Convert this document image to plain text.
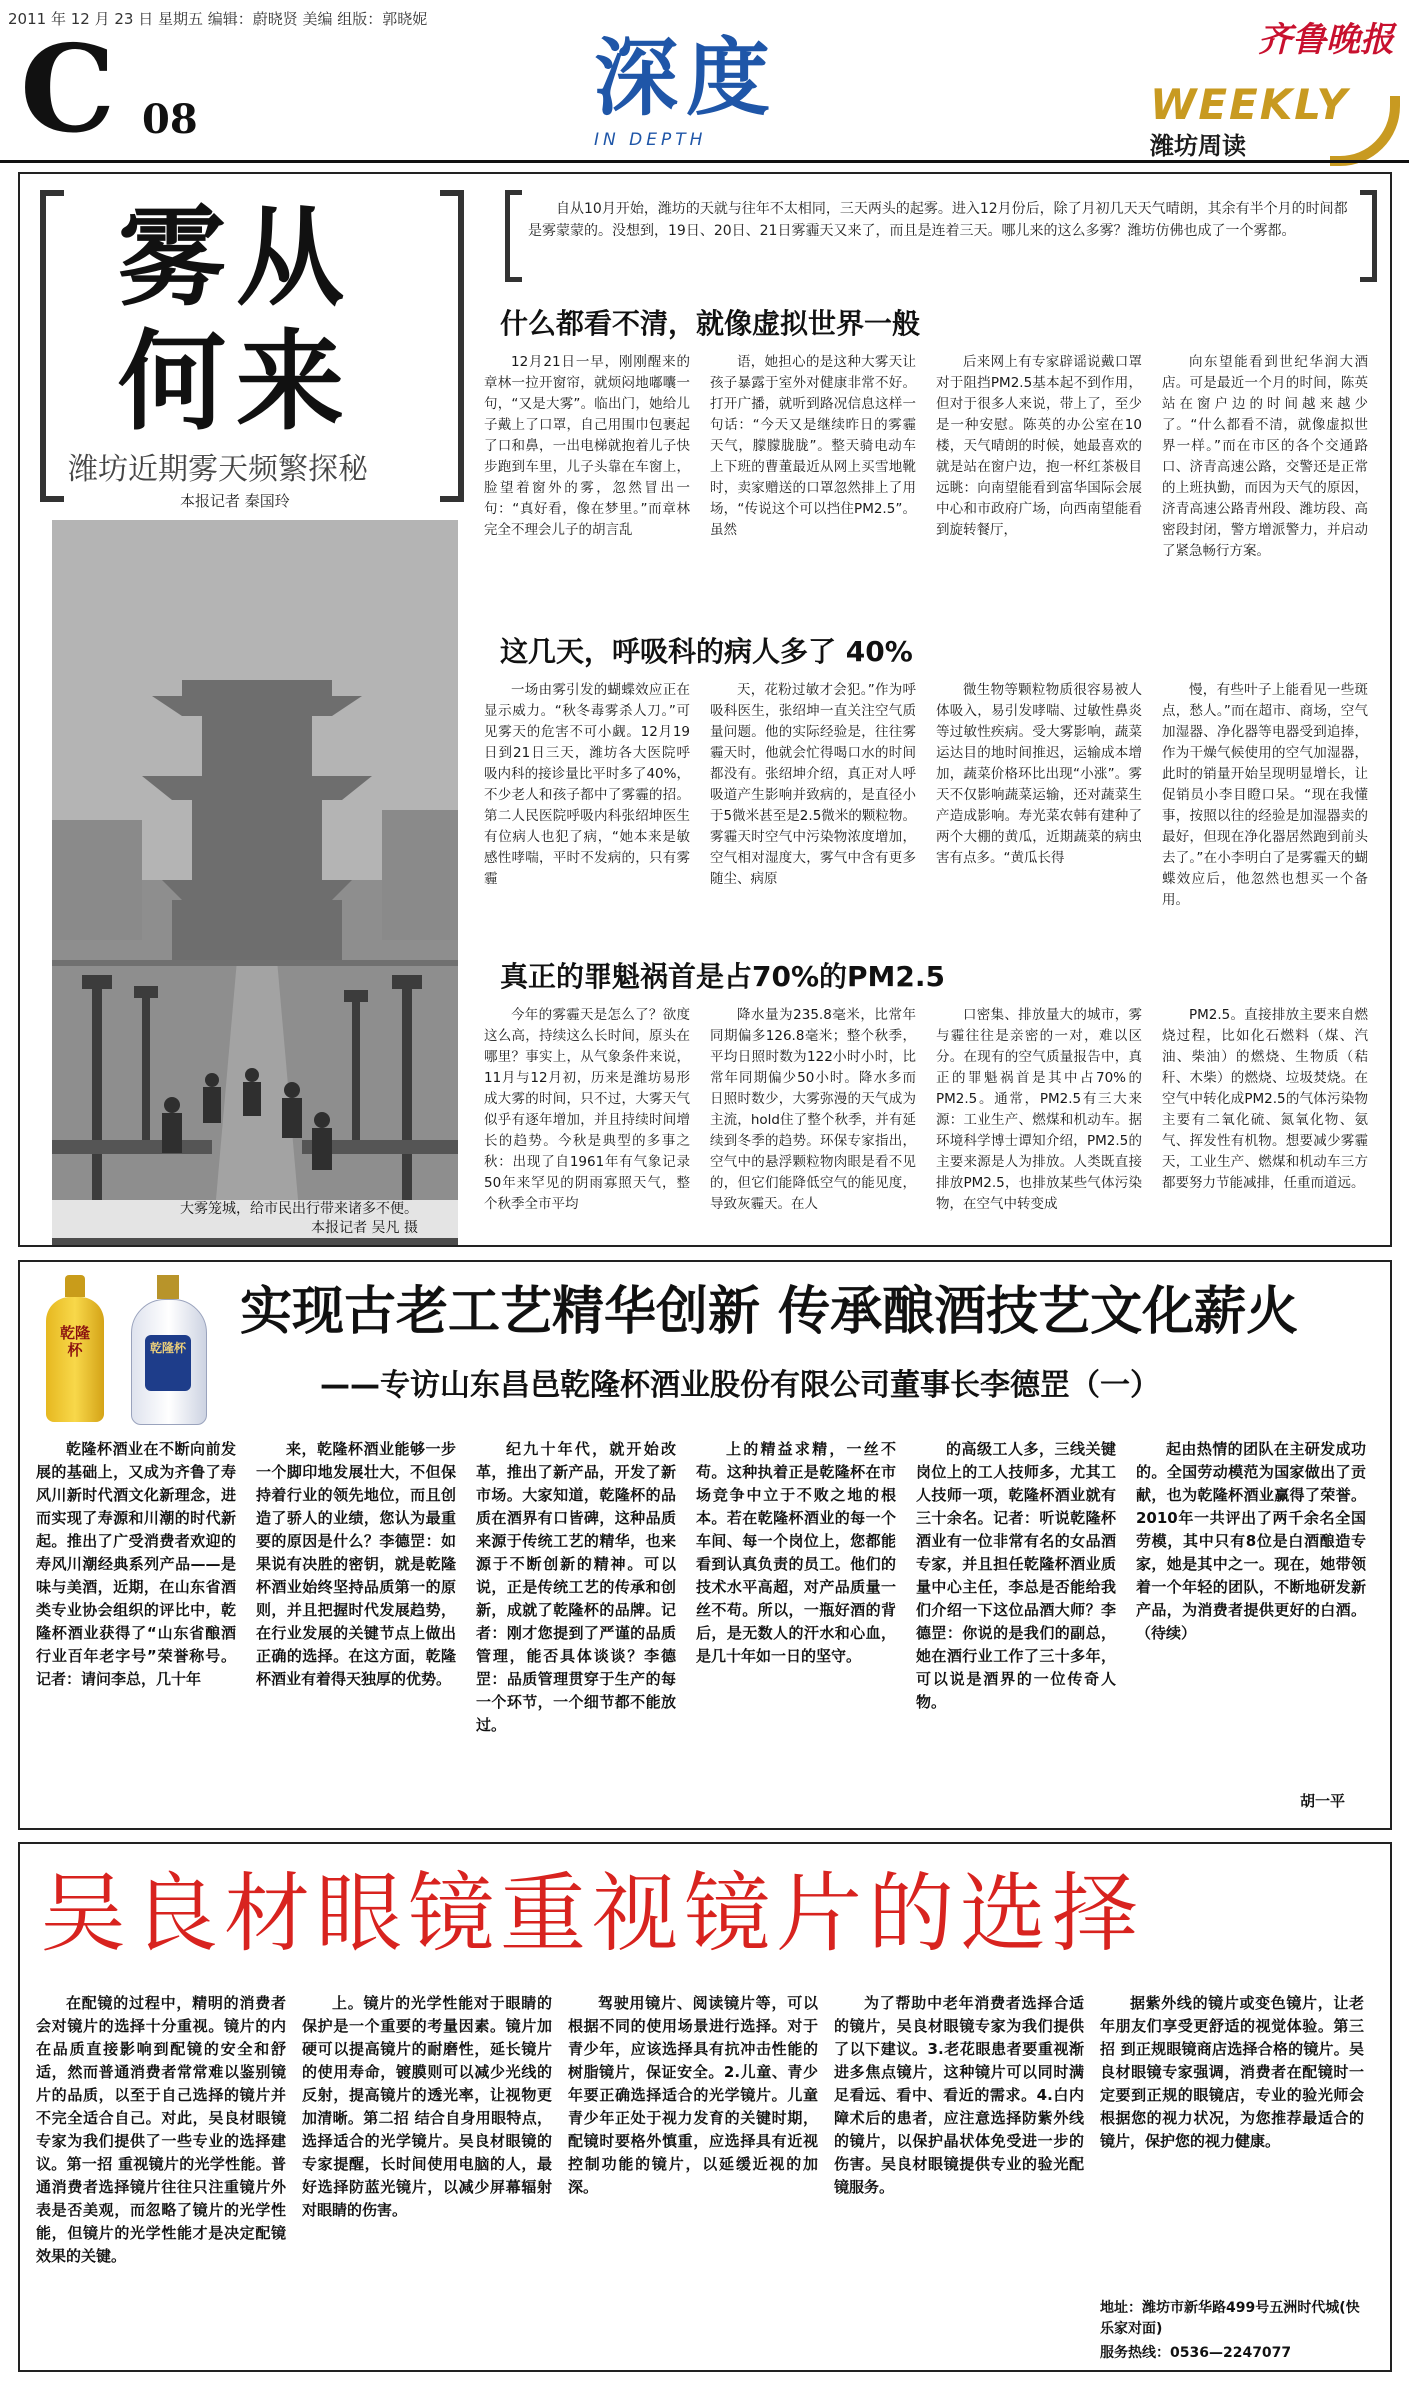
2011 年 12 月 23 日 星期五 编辑：蔚晓贤 美编 组版：郭晓妮
C 08	深度
IN DEPTH
齐鲁晚报
WEEKLY
潍坊周读
雾从
何来
潍坊近期雾天频繁探秘
本报记者 秦国玲
大雾笼城，给市民出行带来诸多不便。
本报记者 吴凡 摄
自从10月开始，潍坊的天就与往年不太相同，三天两头的起雾。进入12月份后，除了月初几天天气晴朗，其余有半个月的时间都是雾蒙蒙的。没想到，19日、20日、21日雾霾天又来了，而且是连着三天。哪儿来的这么多雾？潍坊仿佛也成了一个雾都。
什么都看不清，就像虚拟世界一般
12月21日一早，刚刚醒来的章林一拉开窗帘，就烦闷地嘟囔一句，“又是大雾”。临出门，她给儿子戴上了口罩，自己用围巾包裹起了口和鼻，一出电梯就抱着儿子快步跑到车里，儿子头靠在车窗上，脸望着窗外的雾，忽然冒出一句：“真好看，像在梦里。”而章林完全不理会儿子的胡言乱
语，她担心的是这种大雾天让孩子暴露于室外对健康非常不好。打开广播，就听到路况信息这样一句话：“今天又是继续昨日的雾霾天气，朦朦胧胧”。整天骑电动车上下班的曹董最近从网上买雪地靴时，卖家赠送的口罩忽然排上了用场，“传说这个可以挡住PM2.5”。虽然
后来网上有专家辟谣说戴口罩对于阻挡PM2.5基本起不到作用，但对于很多人来说，带上了，至少是一种安慰。陈英的办公室在10楼，天气晴朗的时候，她最喜欢的就是站在窗户边，抱一杯红茶极目远眺：向南望能看到富华国际会展中心和市政府广场，向西南望能看到旋转餐厅，
向东望能看到世纪华润大酒店。可是最近一个月的时间，陈英站在窗户边的时间越来越少了。“什么都看不清，就像虚拟世界一样。”而在市区的各个交通路口、济青高速公路，交警还是正常的上班执勤，而因为天气的原因，济青高速公路青州段、潍坊段、高密段封闭，警方增派警力，并启动了紧急畅行方案。
这几天，呼吸科的病人多了 40%
一场由雾引发的蝴蝶效应正在显示威力。“秋冬毒雾杀人刀。”可见雾天的危害不可小觑。12月19日到21日三天，潍坊各大医院呼吸内科的接诊量比平时多了40%，不少老人和孩子都中了雾霾的招。第二人民医院呼吸内科张绍坤医生有位病人也犯了病，“她本来是敏感性哮喘，平时不发病的，只有雾霾
天，花粉过敏才会犯。”作为呼吸科医生，张绍坤一直关注空气质量问题。他的实际经验是，往往雾霾天时，他就会忙得喝口水的时间都没有。张绍坤介绍，真正对人呼吸道产生影响并致病的，是直径小于5微米甚至是2.5微米的颗粒物。雾霾天时空气中污染物浓度增加，空气相对湿度大，雾气中含有更多随尘、病原
微生物等颗粒物质很容易被人体吸入，易引发哮喘、过敏性鼻炎等过敏性疾病。受大雾影响，蔬菜运达目的地时间推迟，运输成本增加，蔬菜价格环比出现“小涨”。雾天不仅影响蔬菜运输，还对蔬菜生产造成影响。寿光菜农韩有建种了两个大棚的黄瓜，近期蔬菜的病虫害有点多。“黄瓜长得
慢，有些叶子上能看见一些斑点，愁人。”而在超市、商场，空气加湿器、净化器等电器受到追捧，作为干燥气候使用的空气加湿器，此时的销量开始呈现明显增长，让促销员小李目瞪口呆。“现在我懂事，按照以往的经验是加湿器卖的最好，但现在净化器居然跑到前头去了。”在小李明白了是雾霾天的蝴蝶效应后，他忽然也想买一个备用。
真正的罪魁祸首是占70%的PM2.5
今年的雾霾天是怎么了？欲度这么高，持续这么长时间，原头在哪里？事实上，从气象条件来说，11月与12月初，历来是潍坊易形成大雾的时间，只不过，大雾天气似乎有逐年增加，并且持续时间增长的趋势。今秋是典型的多事之秋：出现了自1961年有气象记录50年来罕见的阴雨寡照天气，整个秋季全市平均
降水量为235.8毫米，比常年同期偏多126.8毫米；整个秋季，平均日照时数为122小时小时，比常年同期偏少50小时。降水多而日照时数少，大雾弥漫的天气成为主流，hold住了整个秋季，并有延续到冬季的趋势。环保专家指出，空气中的悬浮颗粒物肉眼是看不见的，但它们能降低空气的能见度，导致灰霾天。在人
口密集、排放量大的城市，雾与霾往往是亲密的一对，难以区分。在现有的空气质量报告中，真正的罪魁祸首是其中占70%的PM2.5。通常，PM2.5有三大来源：工业生产、燃煤和机动车。据环境科学博士谭知介绍，PM2.5的主要来源是人为排放。人类既直接排放PM2.5，也排放某些气体污染物，在空气中转变成
PM2.5。直接排放主要来自燃烧过程，比如化石燃料（煤、汽油、柴油）的燃烧、生物质（秸秆、木柴）的燃烧、垃圾焚烧。在空气中转化成PM2.5的气体污染物主要有二氧化硫、氮氧化物、氨气、挥发性有机物。想要减少雾霾天，工业生产、燃煤和机动车三方都要努力节能减排，任重而道远。
乾隆杯	乾隆杯
实现古老工艺精华创新 传承酿酒技艺文化薪火
——专访山东昌邑乾隆杯酒业股份有限公司董事长李德罡（一）
乾隆杯酒业在不断向前发展的基础上，又成为齐鲁了寿风川新时代酒文化新理念，进而实现了寿源和川潮的时代新起。推出了广受消费者欢迎的寿风川潮经典系列产品——是味与美酒，近期，在山东省酒类专业协会组织的评比中，乾隆杯酒业获得了“山东省酿酒行业百年老字号”荣誉称号。记者：请问李总，几十年
来，乾隆杯酒业能够一步一个脚印地发展壮大，不但保持着行业的领先地位，而且创造了骄人的业绩，您认为最重要的原因是什么？李德罡：如果说有决胜的密钥，就是乾隆杯酒业始终坚持品质第一的原则，并且把握时代发展趋势，在行业发展的关键节点上做出正确的选择。在这方面，乾隆杯酒业有着得天独厚的优势。
纪九十年代，就开始改革，推出了新产品，开发了新市场。大家知道，乾隆杯的品质在酒界有口皆碑，这种品质来源于传统工艺的精华，也来源于不断创新的精神。可以说，正是传统工艺的传承和创新，成就了乾隆杯的品牌。记者：刚才您提到了严谨的品质管理，能否具体谈谈？李德罡：品质管理贯穿于生产的每一个环节，一个细节都不能放过。
上的精益求精，一丝不苟。这种执着正是乾隆杯在市场竞争中立于不败之地的根本。若在乾隆杯酒业的每一个车间、每一个岗位上，您都能看到认真负责的员工。他们的技术水平高超，对产品质量一丝不苟。所以，一瓶好酒的背后，是无数人的汗水和心血，是几十年如一日的坚守。
的高级工人多，三线关键岗位上的工人技师多，尤其工人技师一项，乾隆杯酒业就有三十余名。记者：听说乾隆杯酒业有一位非常有名的女品酒专家，并且担任乾隆杯酒业质量中心主任，李总是否能给我们介绍一下这位品酒大师？李德罡：你说的是我们的副总，她在酒行业工作了三十多年，可以说是酒界的一位传奇人物。
起由热情的团队在主研发成功的。全国劳动模范为国家做出了贡献，也为乾隆杯酒业赢得了荣誉。2010年一共评出了两千余名全国劳模，其中只有8位是白酒酿造专家，她是其中之一。现在，她带领着一个年轻的团队，不断地研发新产品，为消费者提供更好的白酒。（待续）
胡一平
吴良材眼镜重视镜片的选择
在配镜的过程中，精明的消费者会对镜片的选择十分重视。镜片的内在品质直接影响到配镜的安全和舒适，然而普通消费者常常难以鉴别镜片的品质，以至于自己选择的镜片并不完全适合自己。对此，吴良材眼镜专家为我们提供了一些专业的选择建议。第一招 重视镜片的光学性能。普通消费者选择镜片往往只注重镜片外表是否美观，而忽略了镜片的光学性能，但镜片的光学性能才是决定配镜效果的关键。
上。镜片的光学性能对于眼睛的保护是一个重要的考量因素。镜片加硬可以提高镜片的耐磨性，延长镜片的使用寿命，镀膜则可以减少光线的反射，提高镜片的透光率，让视物更加清晰。第二招 结合自身用眼特点，选择适合的光学镜片。吴良材眼镜的专家提醒，长时间使用电脑的人，最好选择防蓝光镜片，以减少屏幕辐射对眼睛的伤害。
驾驶用镜片、阅读镜片等，可以根据不同的使用场景进行选择。对于青少年，应该选择具有抗冲击性能的树脂镜片，保证安全。2.儿童、青少年要正确选择适合的光学镜片。儿童青少年正处于视力发育的关键时期，配镜时要格外慎重，应选择具有近视控制功能的镜片，以延缓近视的加深。
为了帮助中老年消费者选择合适的镜片，吴良材眼镜专家为我们提供了以下建议。3.老花眼患者要重视渐进多焦点镜片，这种镜片可以同时满足看远、看中、看近的需求。4.白内障术后的患者，应注意选择防紫外线的镜片，以保护晶状体免受进一步的伤害。吴良材眼镜提供专业的验光配镜服务。
据紫外线的镜片或变色镜片，让老年朋友们享受更舒适的视觉体验。第三招 到正规眼镜商店选择合格的镜片。吴良材眼镜专家强调，消费者在配镜时一定要到正规的眼镜店，专业的验光师会根据您的视力状况，为您推荐最适合的镜片，保护您的视力健康。
地址：潍坊市新华路499号五洲时代城(快乐家对面)
服务热线：0536—2247077
